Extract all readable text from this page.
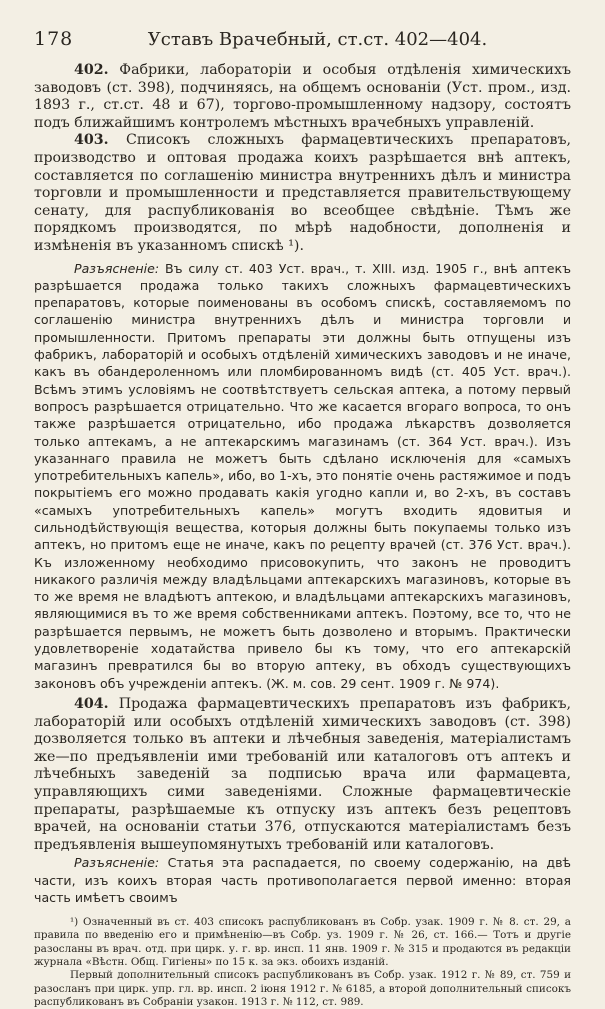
178	Уставъ Врачебный, ст.ст. 402—404.

402. Фабрики, лабораторіи и особыя отдѣленія химическихъ заводовъ (ст. 398), подчиняясь, на общемъ основаніи (Уст. пром., изд. 1893 г., ст.ст. 48 и 67), торгово-промышленному надзору, состоятъ подъ ближайшимъ контролемъ мѣстныхъ врачебныхъ управленій.

403. Списокъ сложныхъ фармацевтическихъ препаратовъ, производство и оптовая продажа коихъ разрѣшается внѣ аптекъ, составляется по соглашенію министра внутреннихъ дѣлъ и министра торговли и промышленности и представляется правительствующему сенату, для распубликованія во всеобщее свѣдѣніе. Тѣмъ же порядкомъ производятся, по мѣрѣ надобности, дополненія и измѣненія въ указанномъ спискѣ ¹).

Разъясненіе: Въ силу ст. 403 Уст. врач., т. XIII. изд. 1905 г., внѣ аптекъ разрѣшается продажа только такихъ сложныхъ фармацевтическихъ препаратовъ, которые поименованы въ особомъ спискѣ, составляемомъ по соглашенію министра внутреннихъ дѣлъ и министра торговли и промышленности. Притомъ препараты эти должны быть отпущены изъ фабрикъ, лабораторій и особыхъ отдѣленій химическихъ заводовъ и не иначе, какъ въ обандероленномъ или пломбированномъ видѣ (ст. 405 Уст. врач.). Всѣмъ этимъ условіямъ не соотвѣтствуетъ сельская аптека, а потому первый вопросъ разрѣшается отрицательно. Что же касается вгораго вопроса, то онъ также разрѣшается отрицательно, ибо продажа лѣкарствъ дозволяется только аптекамъ, а не аптекарскимъ магазинамъ (ст. 364 Уст. врач.). Изъ указаннаго правила не можетъ быть сдѣлано исключенія для «самыхъ употребительныхъ капель», ибо, во 1-хъ, это понятіе очень растяжимое и подъ покрытіемъ его можно продавать какія угодно капли и, во 2-хъ, въ составъ «самыхъ употребительныхъ капель» могутъ входить ядовитыя и сильнодѣйствующія вещества, которыя должны быть покупаемы только изъ аптекъ, но притомъ еще не иначе, какъ по рецепту врачей (ст. 376 Уст. врач.). Къ изложенному необходимо присовокупить, что законъ не проводитъ никакого различія между владѣльцами аптекарскихъ магазиновъ, которые въ то же время не владѣютъ аптекою, и владѣльцами аптекарскихъ магазиновъ, являющимися въ то же время собственниками аптекъ. Поэтому, все то, что не разрѣшается первымъ, не можетъ быть дозволено и вторымъ. Практически удовлетвореніе ходатайства привело бы къ тому, что его аптекарскій магазинъ превратился бы во вторую аптеку, въ обходъ существующихъ законовъ объ учрежденіи аптекъ. (Ж. м. сов. 29 сент. 1909 г. № 974).

404. Продажа фармацевтическихъ препаратовъ изъ фабрикъ, лабораторій или особыхъ отдѣленій химическихъ заводовъ (ст. 398) дозволяется только въ аптеки и лѣчебныя заведенія, матеріалистамъ же—по предъявленіи ими требованій или каталоговъ отъ аптекъ и лѣчебныхъ заведеній за подписью врача или фармацевта, управляющихъ сими заведеніями. Сложные фармацевтическіе препараты, разрѣшаемые къ отпуску изъ аптекъ безъ рецептовъ врачей, на основаніи статьи 376, отпускаются матеріалистамъ безъ предъявленія вышеупомянутыхъ требованій или каталоговъ.

Разъясненіе: Статья эта распадается, по своему содержанію, на двѣ части, изъ коихъ вторая часть противополагается первой именно: вторая часть имѣетъ своимъ

¹) Означенный въ ст. 403 списокъ распубликованъ въ Собр. узак. 1909 г. № 8. ст. 29, а правила по введенію его и примѣненію—въ Собр. уз. 1909 г. № 26, ст. 166.— Тотъ и другіе разосланы въ врач. отд. при цирк. у. г. вр. инсп. 11 янв. 1909 г. № 315 и продаются въ редакціи журнала «Вѣстн. Общ. Гигіены» по 15 к. за экз. обоихъ изданій.

Первый дополнительный списокъ распубликованъ въ Собр. узак. 1912 г. № 89, ст. 759 и разосланъ при цирк. упр. гл. вр. инсп. 2 іюня 1912 г. № 6185, а второй дополнительный списокъ распубликованъ въ Собраніи узакон. 1913 г. № 112, ст. 989.
